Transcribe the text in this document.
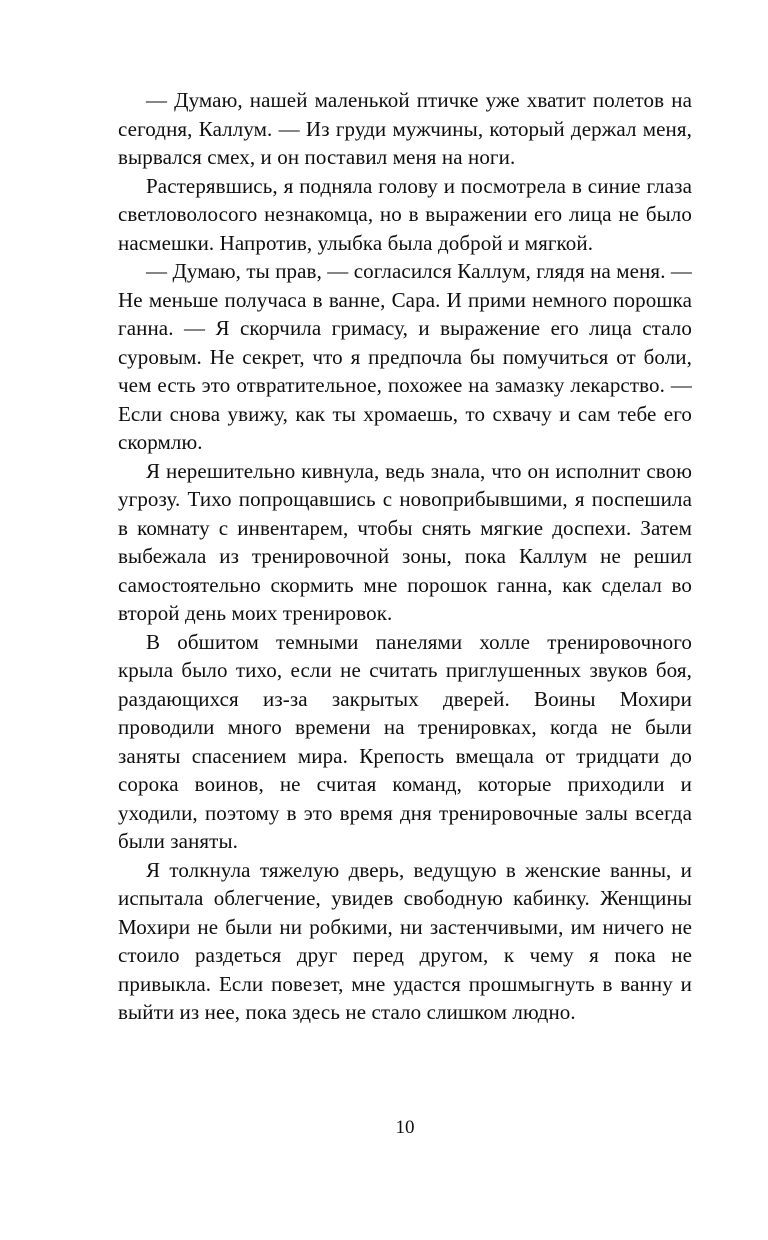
— Думаю, нашей маленькой птичке уже хватит полетов на сегодня, Каллум. — Из груди мужчины, который держал меня, вырвался смех, и он поставил меня на ноги.

Растерявшись, я подняла голову и посмотрела в синие глаза светловолосого незнакомца, но в выражении его лица не было насмешки. Напротив, улыбка была доброй и мягкой.

— Думаю, ты прав, — согласился Каллум, глядя на меня. — Не меньше получаса в ванне, Сара. И прими немного порошка ганна. — Я скорчила гримасу, и выражение его лица стало суровым. Не секрет, что я предпочла бы помучиться от боли, чем есть это отвратительное, похожее на замазку лекарство. — Если снова увижу, как ты хромаешь, то схвачу и сам тебе его скормлю.

Я нерешительно кивнула, ведь знала, что он исполнит свою угрозу. Тихо попрощавшись с новоприбывшими, я поспешила в комнату с инвентарем, чтобы снять мягкие доспехи. Затем выбежала из тренировочной зоны, пока Каллум не решил самостоятельно скормить мне порошок ганна, как сделал во второй день моих тренировок.

В обшитом темными панелями холле тренировочного крыла было тихо, если не считать приглушенных звуков боя, раздающихся из-за закрытых дверей. Воины Мохири проводили много времени на тренировках, когда не были заняты спасением мира. Крепость вмещала от тридцати до сорока воинов, не считая команд, которые приходили и уходили, поэтому в это время дня тренировочные залы всегда были заняты.

Я толкнула тяжелую дверь, ведущую в женские ванны, и испытала облегчение, увидев свободную кабинку. Женщины Мохири не были ни робкими, ни застенчивыми, им ничего не стоило раздеться друг перед другом, к чему я пока не привыкла. Если повезет, мне удастся прошмыгнуть в ванну и выйти из нее, пока здесь не стало слишком людно.

10
